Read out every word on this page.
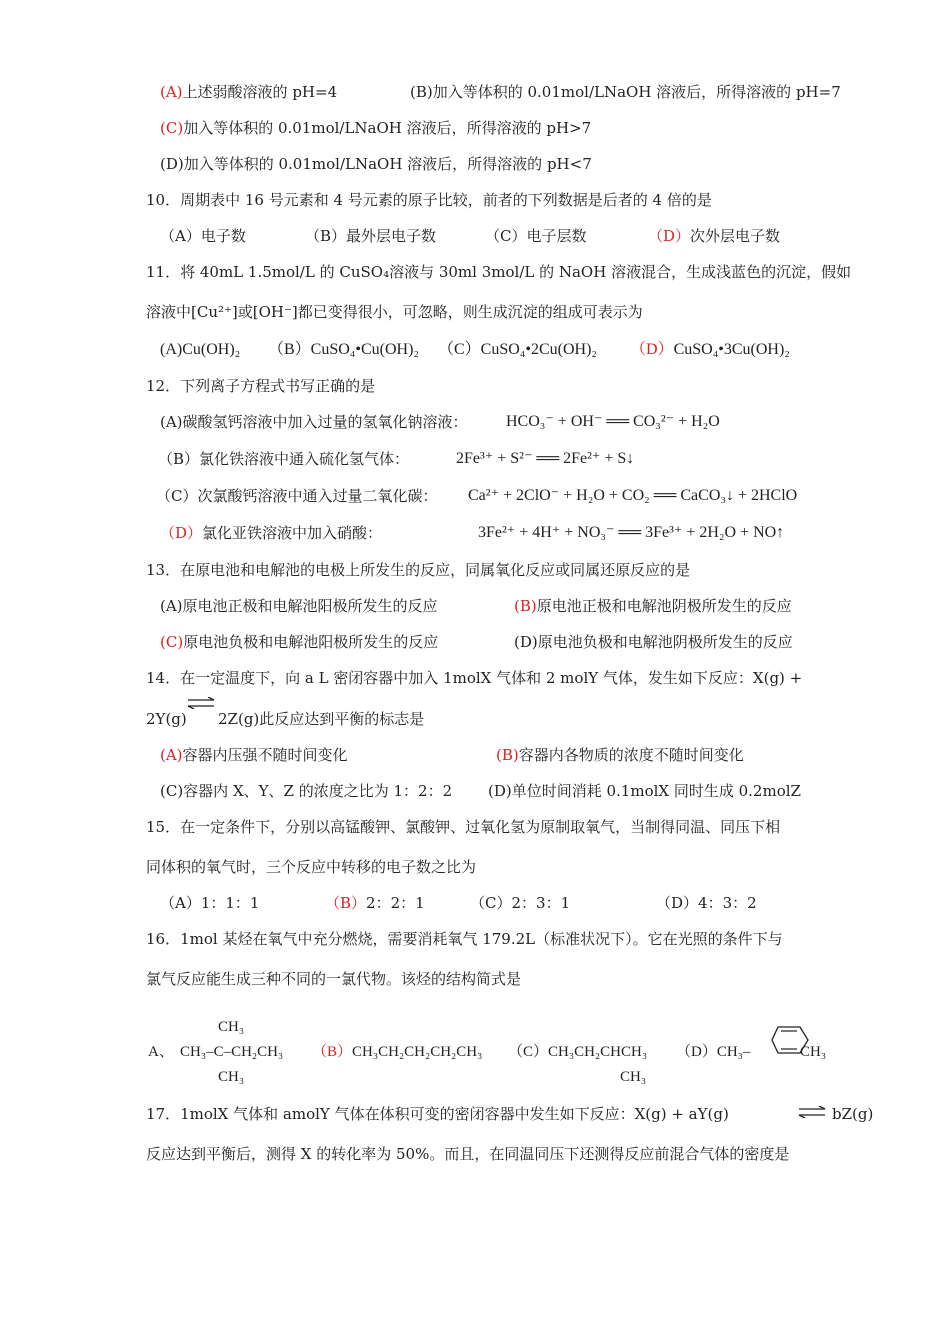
(A)上述弱酸溶液的 pH=4	(B)加入等体积的 0.01mol/LNaOH 溶液后，所得溶液的 pH=7
(C)加入等体积的 0.01mol/LNaOH 溶液后，所得溶液的 pH>7
(D)加入等体积的 0.01mol/LNaOH 溶液后，所得溶液的 pH<7
10．周期表中 16 号元素和 4 号元素的原子比较，前者的下列数据是后者的 4 倍的是
（A）电子数	（B）最外层电子数	（C）电子层数	（D）次外层电子数
11．将 40mL 1.5mol/L 的 CuSO₄溶液与 30ml 3mol/L 的 NaOH 溶液混合，生成浅蓝色的沉淀，假如
溶液中[Cu²⁺]或[OH⁻]都已变得很小，可忽略，则生成沉淀的组成可表示为
(A)Cu(OH)₂ （B）CuSO₄•Cu(OH)₂ （C）CuSO₄•2Cu(OH)₂ （D）CuSO₄•3Cu(OH)₂
12．下列离子方程式书写正确的是
(A)碳酸氢钙溶液中加入过量的氢氧化钠溶液： HCO₃⁻ + OH⁻ ══ CO₃²⁻ + H₂O
（B）氯化铁溶液中通入硫化氢气体：	2Fe³⁺ + S²⁻ ══ 2Fe²⁺ + S↓
（C）次氯酸钙溶液中通入过量二氧化碳： Ca²⁺ + 2ClO⁻ + H₂O + CO₂ ══ CaCO₃↓ + 2HClO
（D）氯化亚铁溶液中加入硝酸：	3Fe²⁺ + 4H⁺ + NO₃⁻ ══ 3Fe³⁺ + 2H₂O + NO↑
13．在原电池和电解池的电极上所发生的反应，同属氧化反应或同属还原反应的是
(A)原电池正极和电解池阳极所发生的反应	(B)原电池正极和电解池阴极所发生的反应
(C)原电池负极和电解池阳极所发生的反应	(D)原电池负极和电解池阴极所发生的反应
14．在一定温度下，向 a L 密闭容器中加入 1molX 气体和 2 molY 气体，发生如下反应：X(g) +
2Y(g) 2Z(g)此反应达到平衡的标志是
(A)容器内压强不随时间变化	(B)容器内各物质的浓度不随时间变化
(C)容器内 X、Y、Z 的浓度之比为 1：2：2 (D)单位时间消耗 0.1molX 同时生成 0.2molZ
15．在一定条件下，分别以高锰酸钾、氯酸钾、过氧化氢为原制取氧气，当制得同温、同压下相
同体积的氧气时，三个反应中转移的电子数之比为
（A）1：1：1	（B）2：2：1	（C）2：3：1	（D）4：3：2
16．1mol 某烃在氧气中充分燃烧，需要消耗氧气 179.2L（标准状况下）。它在光照的条件下与
氯气反应能生成三种不同的一氯代物。该烃的结构简式是
CH₃
A、 CH₃–C–CH₂CH₃
CH₃
（B）CH₃CH₂CH₂CH₂CH₃ （C）CH₃CH₂CHCH₃
CH₃
（D）CH₃–	CH₃
17．1molX 气体和 amolY 气体在体积可变的密闭容器中发生如下反应：X(g) + aY(g)	⇌ bZ(g)
反应达到平衡后，测得 X 的转化率为 50%。而且，在同温同压下还测得反应前混合气体的密度是
